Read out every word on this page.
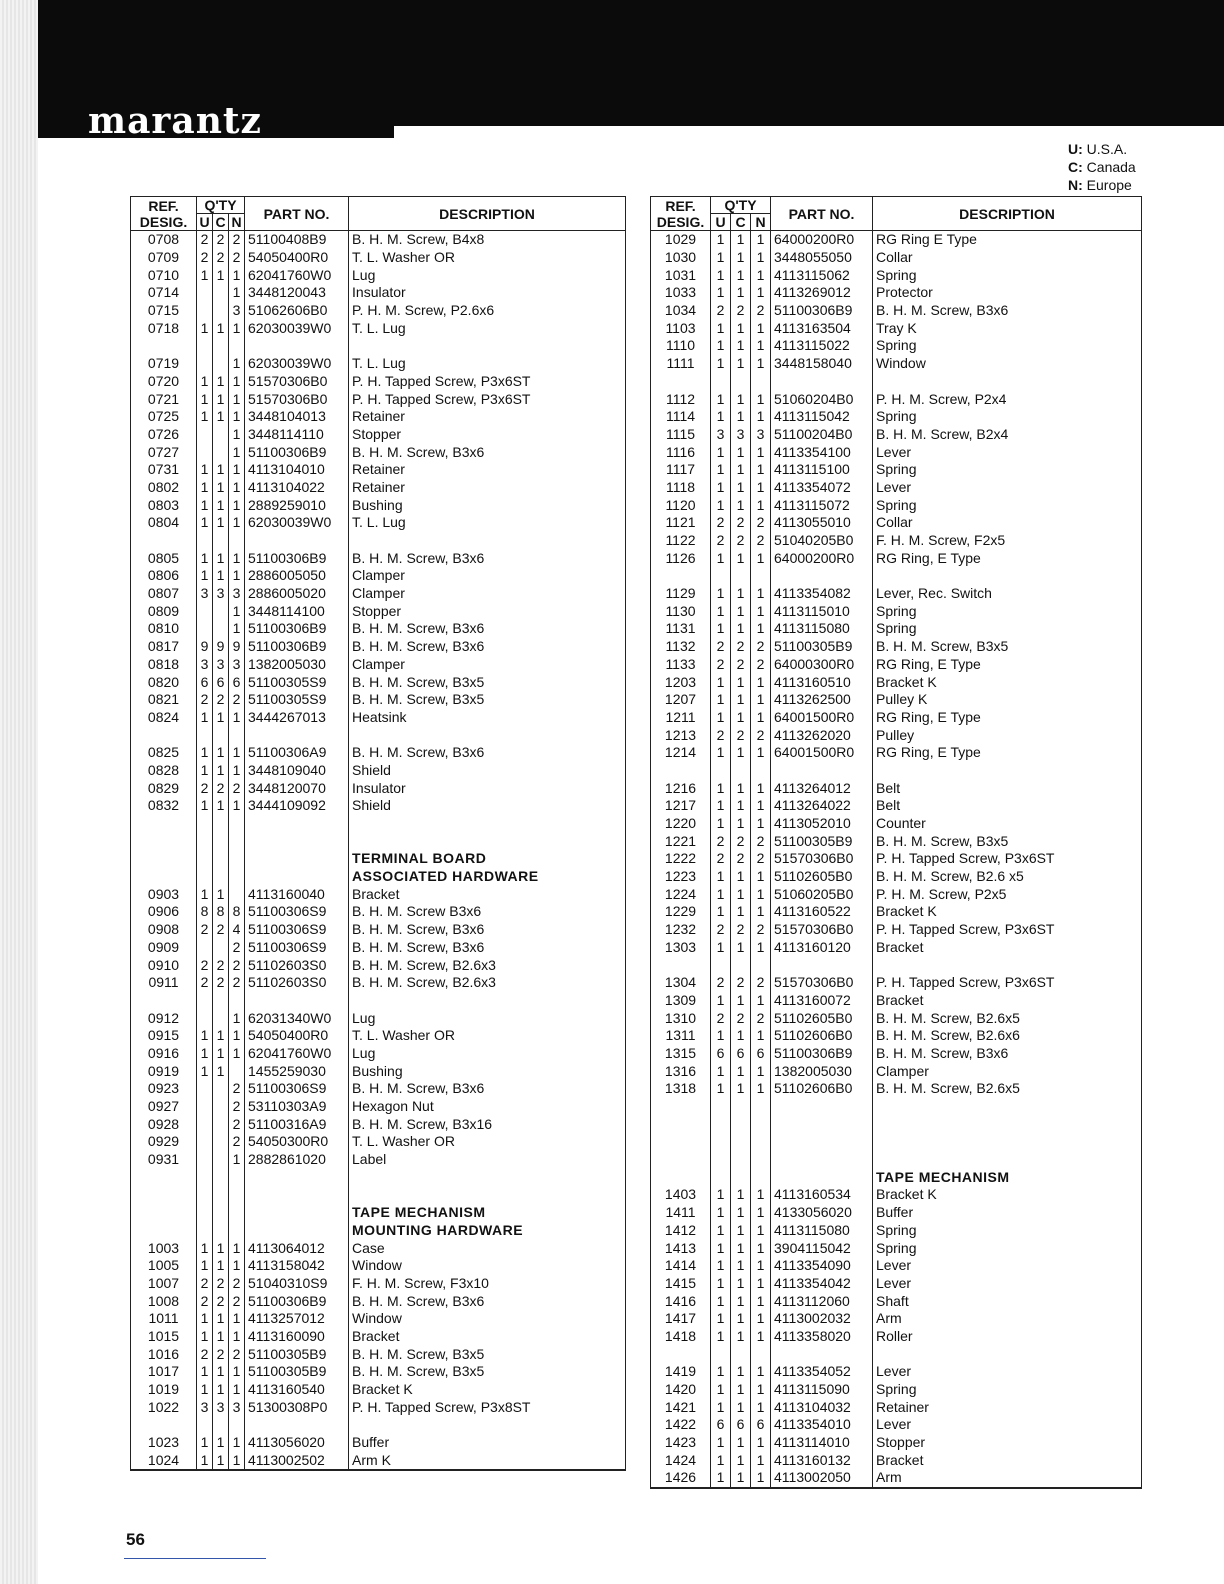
marantz
U: U.S.A.
C: Canada
N: Europe
REF.
DESIG.	Q'TY			PART NO.	DESCRIPTION
	U	C	N		
0708	2	2	2	51100408B9	B. H. M. Screw, B4x8
0709	2	2	2	54050400R0	T. L. Washer OR
0710	1	1	1	62041760W0	Lug
0714			1	3448120043	Insulator
0715			3	51062606B0	P. H. M. Screw, P2.6x6
0718	1	1	1	62030039W0	T. L. Lug

0719			1	62030039W0	T. L. Lug
0720	1	1	1	51570306B0	P. H. Tapped Screw, P3x6ST
0721	1	1	1	51570306B0	P. H. Tapped Screw, P3x6ST
0725	1	1	1	3448104013	Retainer
0726			1	3448114110	Stopper
0727			1	51100306B9	B. H. M. Screw, B3x6
0731	1	1	1	4113104010	Retainer
0802	1	1	1	4113104022	Retainer
0803	1	1	1	2889259010	Bushing
0804	1	1	1	62030039W0	T. L. Lug

0805	1	1	1	51100306B9	B. H. M. Screw, B3x6
0806	1	1	1	2886005050	Clamper
0807	3	3	3	2886005020	Clamper
0809			1	3448114100	Stopper
0810			1	51100306B9	B. H. M. Screw, B3x6
0817	9	9	9	51100306B9	B. H. M. Screw, B3x6
0818	3	3	3	1382005030	Clamper
0820	6	6	6	51100305S9	B. H. M. Screw, B3x5
0821	2	2	2	51100305S9	B. H. M. Screw, B3x5
0824	1	1	1	3444267013	Heatsink

0825	1	1	1	51100306A9	B. H. M. Screw, B3x6
0828	1	1	1	3448109040	Shield
0829	2	2	2	3448120070	Insulator
0832	1	1	1	3444109092	Shield

					TERMINAL BOARD
					ASSOCIATED HARDWARE
0903	1	1		4113160040	Bracket
0906	8	8	8	51100306S9	B. H. M. Screw B3x6
0908	2	2	4	51100306S9	B. H. M. Screw, B3x6
0909			2	51100306S9	B. H. M. Screw, B3x6
0910	2	2	2	51102603S0	B. H. M. Screw, B2.6x3
0911	2	2	2	51102603S0	B. H. M. Screw, B2.6x3

0912			1	62031340W0	Lug
0915	1	1	1	54050400R0	T. L. Washer OR
0916	1	1	1	62041760W0	Lug
0919	1	1		1455259030	Bushing
0923			2	51100306S9	B. H. M. Screw, B3x6
0927			2	53110303A9	Hexagon Nut
0928			2	51100316A9	B. H. M. Screw, B3x16
0929			2	54050300R0	T. L. Washer OR
0931			1	2882861020	Label

					TAPE MECHANISM
					MOUNTING HARDWARE
1003	1	1	1	4113064012	Case
1005	1	1	1	4113158042	Window
1007	2	2	2	51040310S9	F. H. M. Screw, F3x10
1008	2	2	2	51100306B9	B. H. M. Screw, B3x6
1011	1	1	1	4113257012	Window
1015	1	1	1	4113160090	Bracket
1016	2	2	2	51100305B9	B. H. M. Screw, B3x5
1017	1	1	1	51100305B9	B. H. M. Screw, B3x5
1019	1	1	1	4113160540	Bracket K
1022	3	3	3	51300308P0	P. H. Tapped Screw, P3x8ST

1023	1	1	1	4113056020	Buffer
1024	1	1	1	4113002502	Arm K
REF.
DESIG.	Q'TY			PART NO.	DESCRIPTION
	U	C	N		
1029	1	1	1	64000200R0	RG Ring E Type
1030	1	1	1	3448055050	Collar
1031	1	1	1	4113115062	Spring
1033	1	1	1	4113269012	Protector
1034	2	2	2	51100306B9	B. H. M. Screw, B3x6
1103	1	1	1	4113163504	Tray K
1110	1	1	1	4113115022	Spring
1111	1	1	1	3448158040	Window

1112	1	1	1	51060204B0	P. H. M. Screw, P2x4
1114	1	1	1	4113115042	Spring
1115	3	3	3	51100204B0	B. H. M. Screw, B2x4
1116	1	1	1	4113354100	Lever
1117	1	1	1	4113115100	Spring
1118	1	1	1	4113354072	Lever
1120	1	1	1	4113115072	Spring
1121	2	2	2	4113055010	Collar
1122	2	2	2	51040205B0	F. H. M. Screw, F2x5
1126	1	1	1	64000200R0	RG Ring, E Type

1129	1	1	1	4113354082	Lever, Rec. Switch
1130	1	1	1	4113115010	Spring
1131	1	1	1	4113115080	Spring
1132	2	2	2	51100305B9	B. H. M. Screw, B3x5
1133	2	2	2	64000300R0	RG Ring, E Type
1203	1	1	1	4113160510	Bracket K
1207	1	1	1	4113262500	Pulley K
1211	1	1	1	64001500R0	RG Ring, E Type
1213	2	2	2	4113262020	Pulley
1214	1	1	1	64001500R0	RG Ring, E Type

1216	1	1	1	4113264012	Belt
1217	1	1	1	4113264022	Belt
1220	1	1	1	4113052010	Counter
1221	2	2	2	51100305B9	B. H. M. Screw, B3x5
1222	2	2	2	51570306B0	P. H. Tapped Screw, P3x6ST
1223	1	1	1	51102605B0	B. H. M. Screw, B2.6 x5
1224	1	1	1	51060205B0	P. H. M. Screw, P2x5
1229	1	1	1	4113160522	Bracket K
1232	2	2	2	51570306B0	P. H. Tapped Screw, P3x6ST
1303	1	1	1	4113160120	Bracket

1304	2	2	2	51570306B0	P. H. Tapped Screw, P3x6ST
1309	1	1	1	4113160072	Bracket
1310	2	2	2	51102605B0	B. H. M. Screw, B2.6x5
1311	1	1	1	51102606B0	B. H. M. Screw, B2.6x6
1315	6	6	6	51100306B9	B. H. M. Screw, B3x6
1316	1	1	1	1382005030	Clamper
1318	1	1	1	51102606B0	B. H. M. Screw, B2.6x5

					TAPE MECHANISM
1403	1	1	1	4113160534	Bracket K
1411	1	1	1	4133056020	Buffer
1412	1	1	1	4113115080	Spring
1413	1	1	1	3904115042	Spring
1414	1	1	1	4113354090	Lever
1415	1	1	1	4113354042	Lever
1416	1	1	1	4113112060	Shaft
1417	1	1	1	4113002032	Arm
1418	1	1	1	4113358020	Roller

1419	1	1	1	4113354052	Lever
1420	1	1	1	4113115090	Spring
1421	1	1	1	4113104032	Retainer
1422	6	6	6	4113354010	Lever
1423	1	1	1	4113114010	Stopper
1424	1	1	1	4113160132	Bracket
1426	1	1	1	4113002050	Arm
56
